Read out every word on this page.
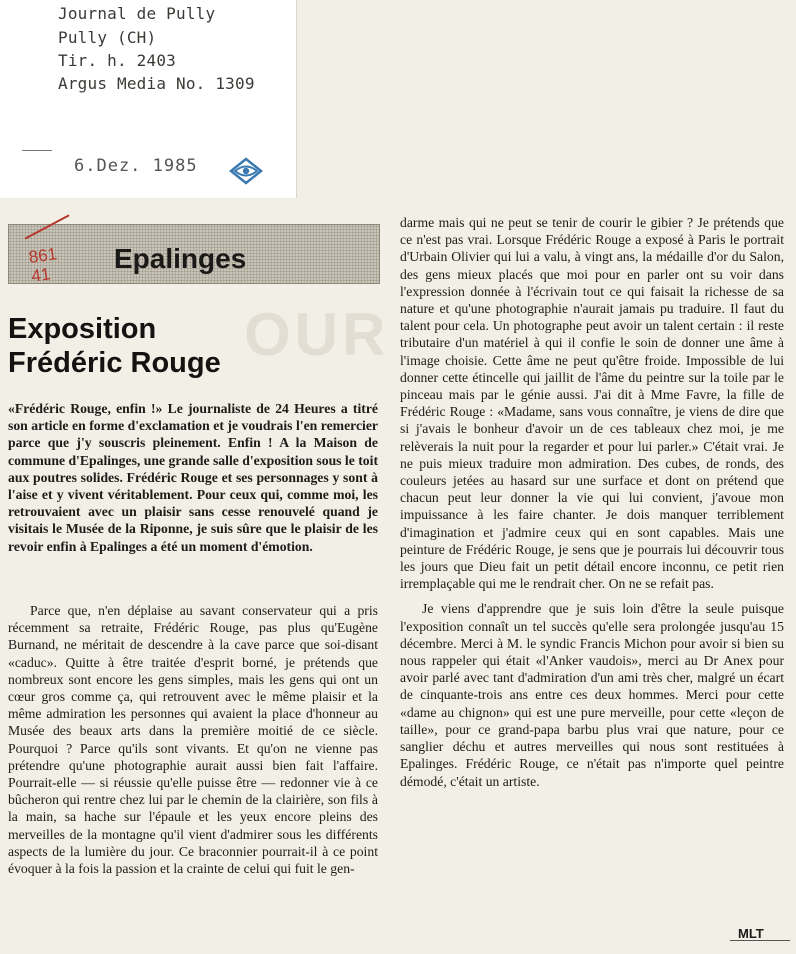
Journal de Pully
Pully (CH)
Tir. h. 2403
Argus Media No. 1309
6.Dez. 1985
861
41
Epalinges
OUR
Exposition
Frédéric Rouge

«Frédéric Rouge, enfin !» Le journaliste de 24 Heures a titré son article en forme d'exclamation et je voudrais l'en remercier parce que j'y souscris pleinement. Enfin ! A la Maison de commune d'Epalinges, une grande salle d'exposition sous le toit aux poutres solides. Frédéric Rouge et ses personnages y sont à l'aise et y vivent véritablement. Pour ceux qui, comme moi, les retrouvaient avec un plaisir sans cesse renouvelé quand je visitais le Musée de la Riponne, je suis sûre que le plaisir de les revoir enfin à Epalinges a été un moment d'émotion.

Parce que, n'en déplaise au savant conservateur qui a pris récemment sa retraite, Frédéric Rouge, pas plus qu'Eugène Burnand, ne méritait de descendre à la cave parce que soi-disant «caduc». Quitte à être traitée d'esprit borné, je prétends que nombreux sont encore les gens simples, mais les gens qui ont un cœur gros comme ça, qui retrouvent avec le même plaisir et la même admiration les personnes qui avaient la place d'honneur au Musée des beaux arts dans la première moitié de ce siècle. Pourquoi ? Parce qu'ils sont vivants. Et qu'on ne vienne pas prétendre qu'une photographie aurait aussi bien fait l'affaire. Pourrait-elle — si réussie qu'elle puisse être — redonner vie à ce bûcheron qui rentre chez lui par le chemin de la clairière, son fils à la main, sa hache sur l'épaule et les yeux encore pleins des merveilles de la montagne qu'il vient d'admirer sous les différents aspects de la lumière du jour. Ce braconnier pourrait-il à ce point évoquer à la fois la passion et la crainte de celui qui fuit le gen-

darme mais qui ne peut se tenir de courir le gibier ? Je prétends que ce n'est pas vrai. Lorsque Frédéric Rouge a exposé à Paris le portrait d'Urbain Olivier qui lui a valu, à vingt ans, la médaille d'or du Salon, des gens mieux placés que moi pour en parler ont su voir dans l'expression donnée à l'écrivain tout ce qui faisait la richesse de sa nature et qu'une photographie n'aurait jamais pu traduire. Il faut du talent pour cela. Un photographe peut avoir un talent certain : il reste tributaire d'un matériel à qui il confie le soin de donner une âme à l'image choisie. Cette âme ne peut qu'être froide. Impossible de lui donner cette étincelle qui jaillit de l'âme du peintre sur la toile par le pinceau mais par le génie aussi. J'ai dit à Mme Favre, la fille de Frédéric Rouge : «Madame, sans vous connaître, je viens de dire que si j'avais le bonheur d'avoir un de ces tableaux chez moi, je me relèverais la nuit pour la regarder et pour lui parler.» C'était vrai. Je ne puis mieux traduire mon admiration. Des cubes, de ronds, des couleurs jetées au hasard sur une surface et dont on prétend que chacun peut leur donner la vie qui lui convient, j'avoue mon impuissance à les faire chanter. Je dois manquer terriblement d'imagination et j'admire ceux qui en sont capables. Mais une peinture de Frédéric Rouge, je sens que je pourrais lui découvrir tous les jours que Dieu fait un petit détail encore inconnu, ce petit rien irremplaçable qui me le rendrait cher. On ne se refait pas.

Je viens d'apprendre que je suis loin d'être la seule puisque l'exposition connaît un tel succès qu'elle sera prolongée jusqu'au 15 décembre. Merci à M. le syndic Francis Michon pour avoir si bien su nous rappeler qui était «l'Anker vaudois», merci au Dr Anex pour avoir parlé avec tant d'admiration d'un ami très cher, malgré un écart de cinquante-trois ans entre ces deux hommes. Merci pour cette «dame au chignon» qui est une pure merveille, pour cette «leçon de taille», pour ce grand-papa barbu plus vrai que nature, pour ce sanglier déchu et autres merveilles qui nous sont restituées à Epalinges. Frédéric Rouge, ce n'était pas n'importe quel peintre démodé, c'était un artiste.

MLT
